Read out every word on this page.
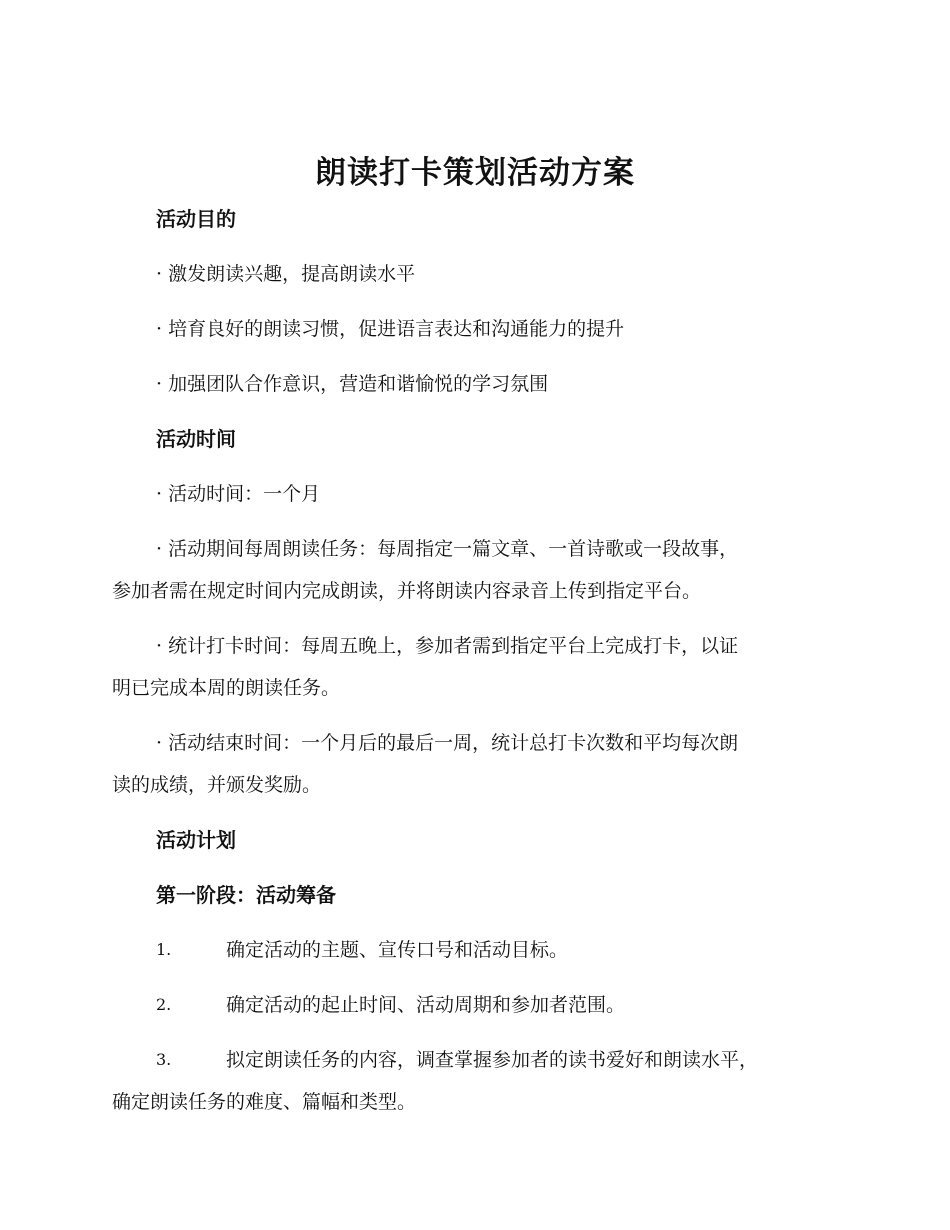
朗读打卡策划活动方案
活动目的
· 激发朗读兴趣，提高朗读水平
· 培育良好的朗读习惯，促进语言表达和沟通能力的提升
· 加强团队合作意识，营造和谐愉悦的学习氛围
活动时间
· 活动时间：一个月
· 活动期间每周朗读任务：每周指定一篇文章、一首诗歌或一段故事，
参加者需在规定时间内完成朗读，并将朗读内容录音上传到指定平台。
· 统计打卡时间：每周五晚上，参加者需到指定平台上完成打卡，以证
明已完成本周的朗读任务。
· 活动结束时间：一个月后的最后一周，统计总打卡次数和平均每次朗
读的成绩，并颁发奖励。
活动计划
第一阶段：活动筹备
1.	确定活动的主题、宣传口号和活动目标。
2.	确定活动的起止时间、活动周期和参加者范围。
3.	拟定朗读任务的内容，调查掌握参加者的读书爱好和朗读水平，
确定朗读任务的难度、篇幅和类型。
